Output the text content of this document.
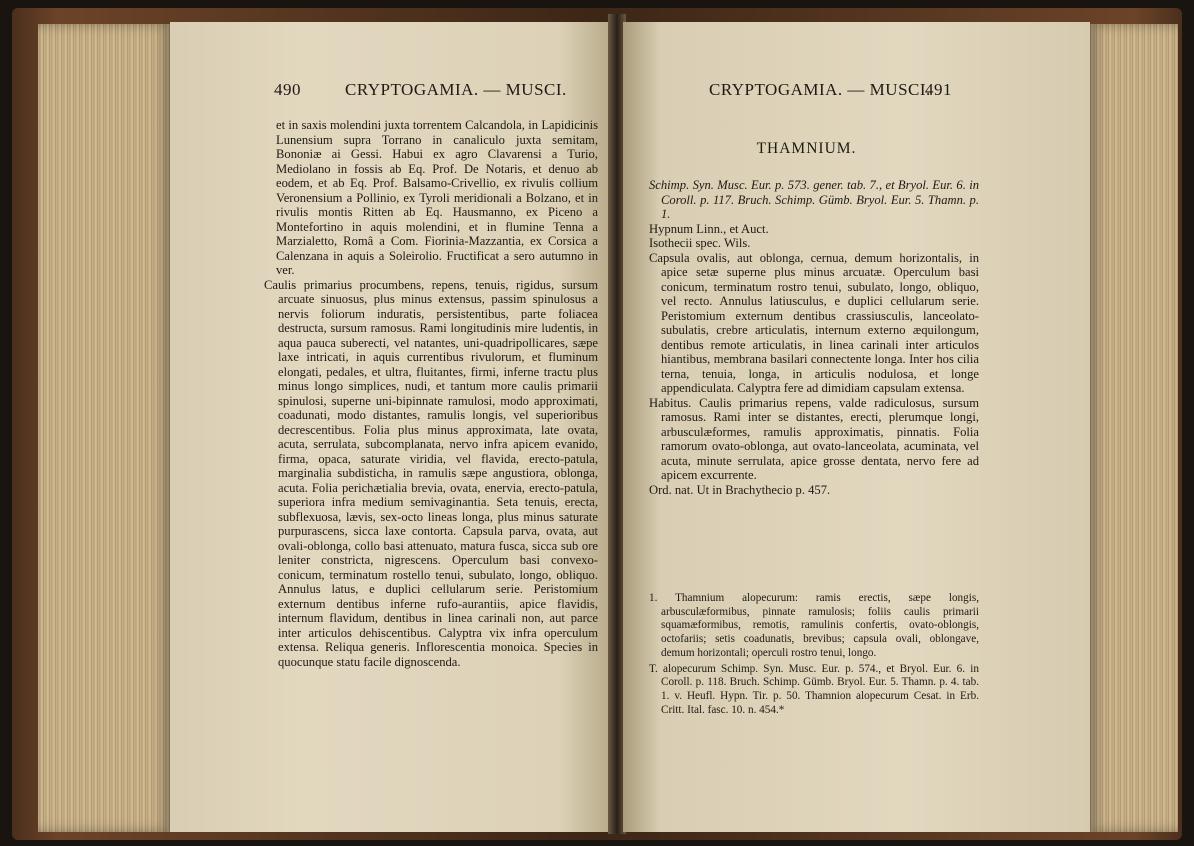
490	CRYPTOGAMIA. — MUSCI.

et in saxis molendini juxta torrentem Calcandola, in Lapidicinis Lunensium supra Torrano in canaliculo juxta semitam, Bononiæ ai Gessi. Habui ex agro Clavarensi a Turio, Mediolano in fossis ab Eq. Prof. De Notaris, et denuo ab eodem, et ab Eq. Prof. Balsamo-Crivellio, ex rivulis collium Veronensium a Pollinio, ex Tyroli meridionali a Bolzano, et in rivulis montis Ritten ab Eq. Hausmanno, ex Piceno a Montefortino in aquis molendini, et in flumine Tenna a Marzialetto, Româ a Com. Fiorinia-Mazzantia, ex Corsica a Calenzana in aquis a Soleirolio. Fructificat a sero autumno in ver.

Caulis primarius procumbens, repens, tenuis, rigidus, sursum arcuate sinuosus, plus minus extensus, passim spinulosus a nervis foliorum induratis, persistentibus, parte foliacea destructa, sursum ramosus. Rami longitudinis mire ludentis, in aqua pauca suberecti, vel natantes, uni-quadripollicares, sæpe laxe intricati, in aquis currentibus rivulorum, et fluminum elongati, pedales, et ultra, fluitantes, firmi, inferne tractu plus minus longo simplices, nudi, et tantum more caulis primarii spinulosi, superne uni-bipinnate ramulosi, modo approximati, coadunati, modo distantes, ramulis longis, vel superioribus decrescentibus. Folia plus minus approximata, late ovata, acuta, serrulata, subcomplanata, nervo infra apicem evanido, firma, opaca, saturate viridia, vel flavida, erecto-patula, marginalia subdisticha, in ramulis sæpe angustiora, oblonga, acuta. Folia perichætialia brevia, ovata, enervia, erecto-patula, superiora infra medium semivaginantia. Seta tenuis, erecta, subflexuosa, lævis, sex-octo lineas longa, plus minus saturate purpurascens, sicca laxe contorta. Capsula parva, ovata, aut ovali-oblonga, collo basi attenuato, matura fusca, sicca sub ore leniter constricta, nigrescens. Operculum basi convexo-conicum, terminatum rostello tenui, subulato, longo, obliquo. Annulus latus, e duplici cellularum serie. Peristomium externum dentibus inferne rufo-aurantiis, apice flavidis, internum flavidum, dentibus in linea carinali non, aut parce inter articulos dehiscentibus. Calyptra vix infra operculum extensa. Reliqua generis. Inflorescentia monoica. Species in quocunque statu facile dignoscenda.

CRYPTOGAMIA. — MUSCI.
491
THAMNIUM.

Schimp. Syn. Musc. Eur. p. 573. gener. tab. 7., et Bryol. Eur. 6. in Coroll. p. 117. Bruch. Schimp. Gümb. Bryol. Eur. 5. Thamn. p. 1.

Hypnum Linn., et Auct.

Isothecii spec. Wils.

Capsula ovalis, aut oblonga, cernua, demum horizontalis, in apice setæ superne plus minus arcuatæ. Operculum basi conicum, terminatum rostro tenui, subulato, longo, obliquo, vel recto. Annulus latiusculus, e duplici cellularum serie. Peristomium externum dentibus crassiusculis, lanceolato-subulatis, crebre articulatis, internum externo æquilongum, dentibus remote articulatis, in linea carinali inter articulos hiantibus, membrana basilari connectente longa. Inter hos cilia terna, tenuia, longa, in articulis nodulosa, et longe appendiculata. Calyptra fere ad dimidiam capsulam extensa.

Habitus. Caulis primarius repens, valde radiculosus, sursum ramosus. Rami inter se distantes, erecti, plerumque longi, arbusculæformes, ramulis approximatis, pinnatis. Folia ramorum ovato-oblonga, aut ovato-lanceolata, acuminata, vel acuta, minute serrulata, apice grosse dentata, nervo fere ad apicem excurrente.

Ord. nat. Ut in Brachythecio p. 457.

1. Thamnium alopecurum: ramis erectis, sæpe longis, arbusculæformibus, pinnate ramulosis; foliis caulis primarii squamæformibus, remotis, ramulinis confertis, ovato-oblongis, octofariis; setis coadunatis, brevibus; capsula ovali, oblongave, demum horizontali; operculi rostro tenui, longo.

T. alopecurum Schimp. Syn. Musc. Eur. p. 574., et Bryol. Eur. 6. in Coroll. p. 118. Bruch. Schimp. Gümb. Bryol. Eur. 5. Thamn. p. 4. tab. 1. v. Heufl. Hypn. Tir. p. 50. Thamnion alopecurum Cesat. in Erb. Critt. Ital. fasc. 10. n. 454.*
